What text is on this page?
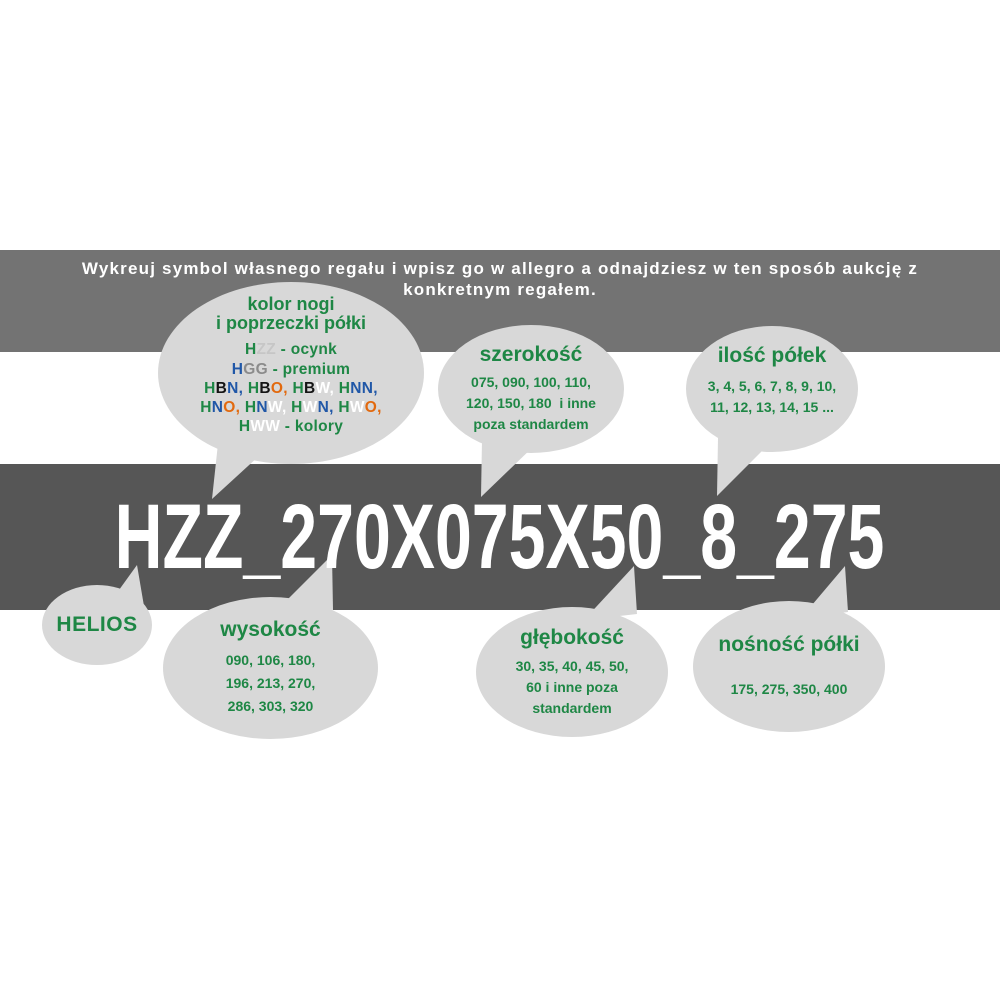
Wykreuj symbol własnego regału i wpisz go w allegro a odnajdziesz w ten sposób aukcję z
konkretnym regałem.
HZZ_270X075X50_8_275
kolor nogi
i poprzeczki półki
HZZ - ocynk
HGG - premium
HBN, HBO, HBW, HNN,
HNO, HNW, HWN, HWO,
HWW - kolory
szerokość
075, 090, 100, 110,
120, 150, 180  i inne
poza standardem
ilość półek
3, 4, 5, 6, 7, 8, 9, 10,
11, 12, 13, 14, 15 ...
HELIOS	wysokość
090, 106, 180,
196, 213, 270,
286, 303, 320
głębokość
30, 35, 40, 45, 50,
60 i inne poza
standardem
nośność półki
175, 275, 350, 400
